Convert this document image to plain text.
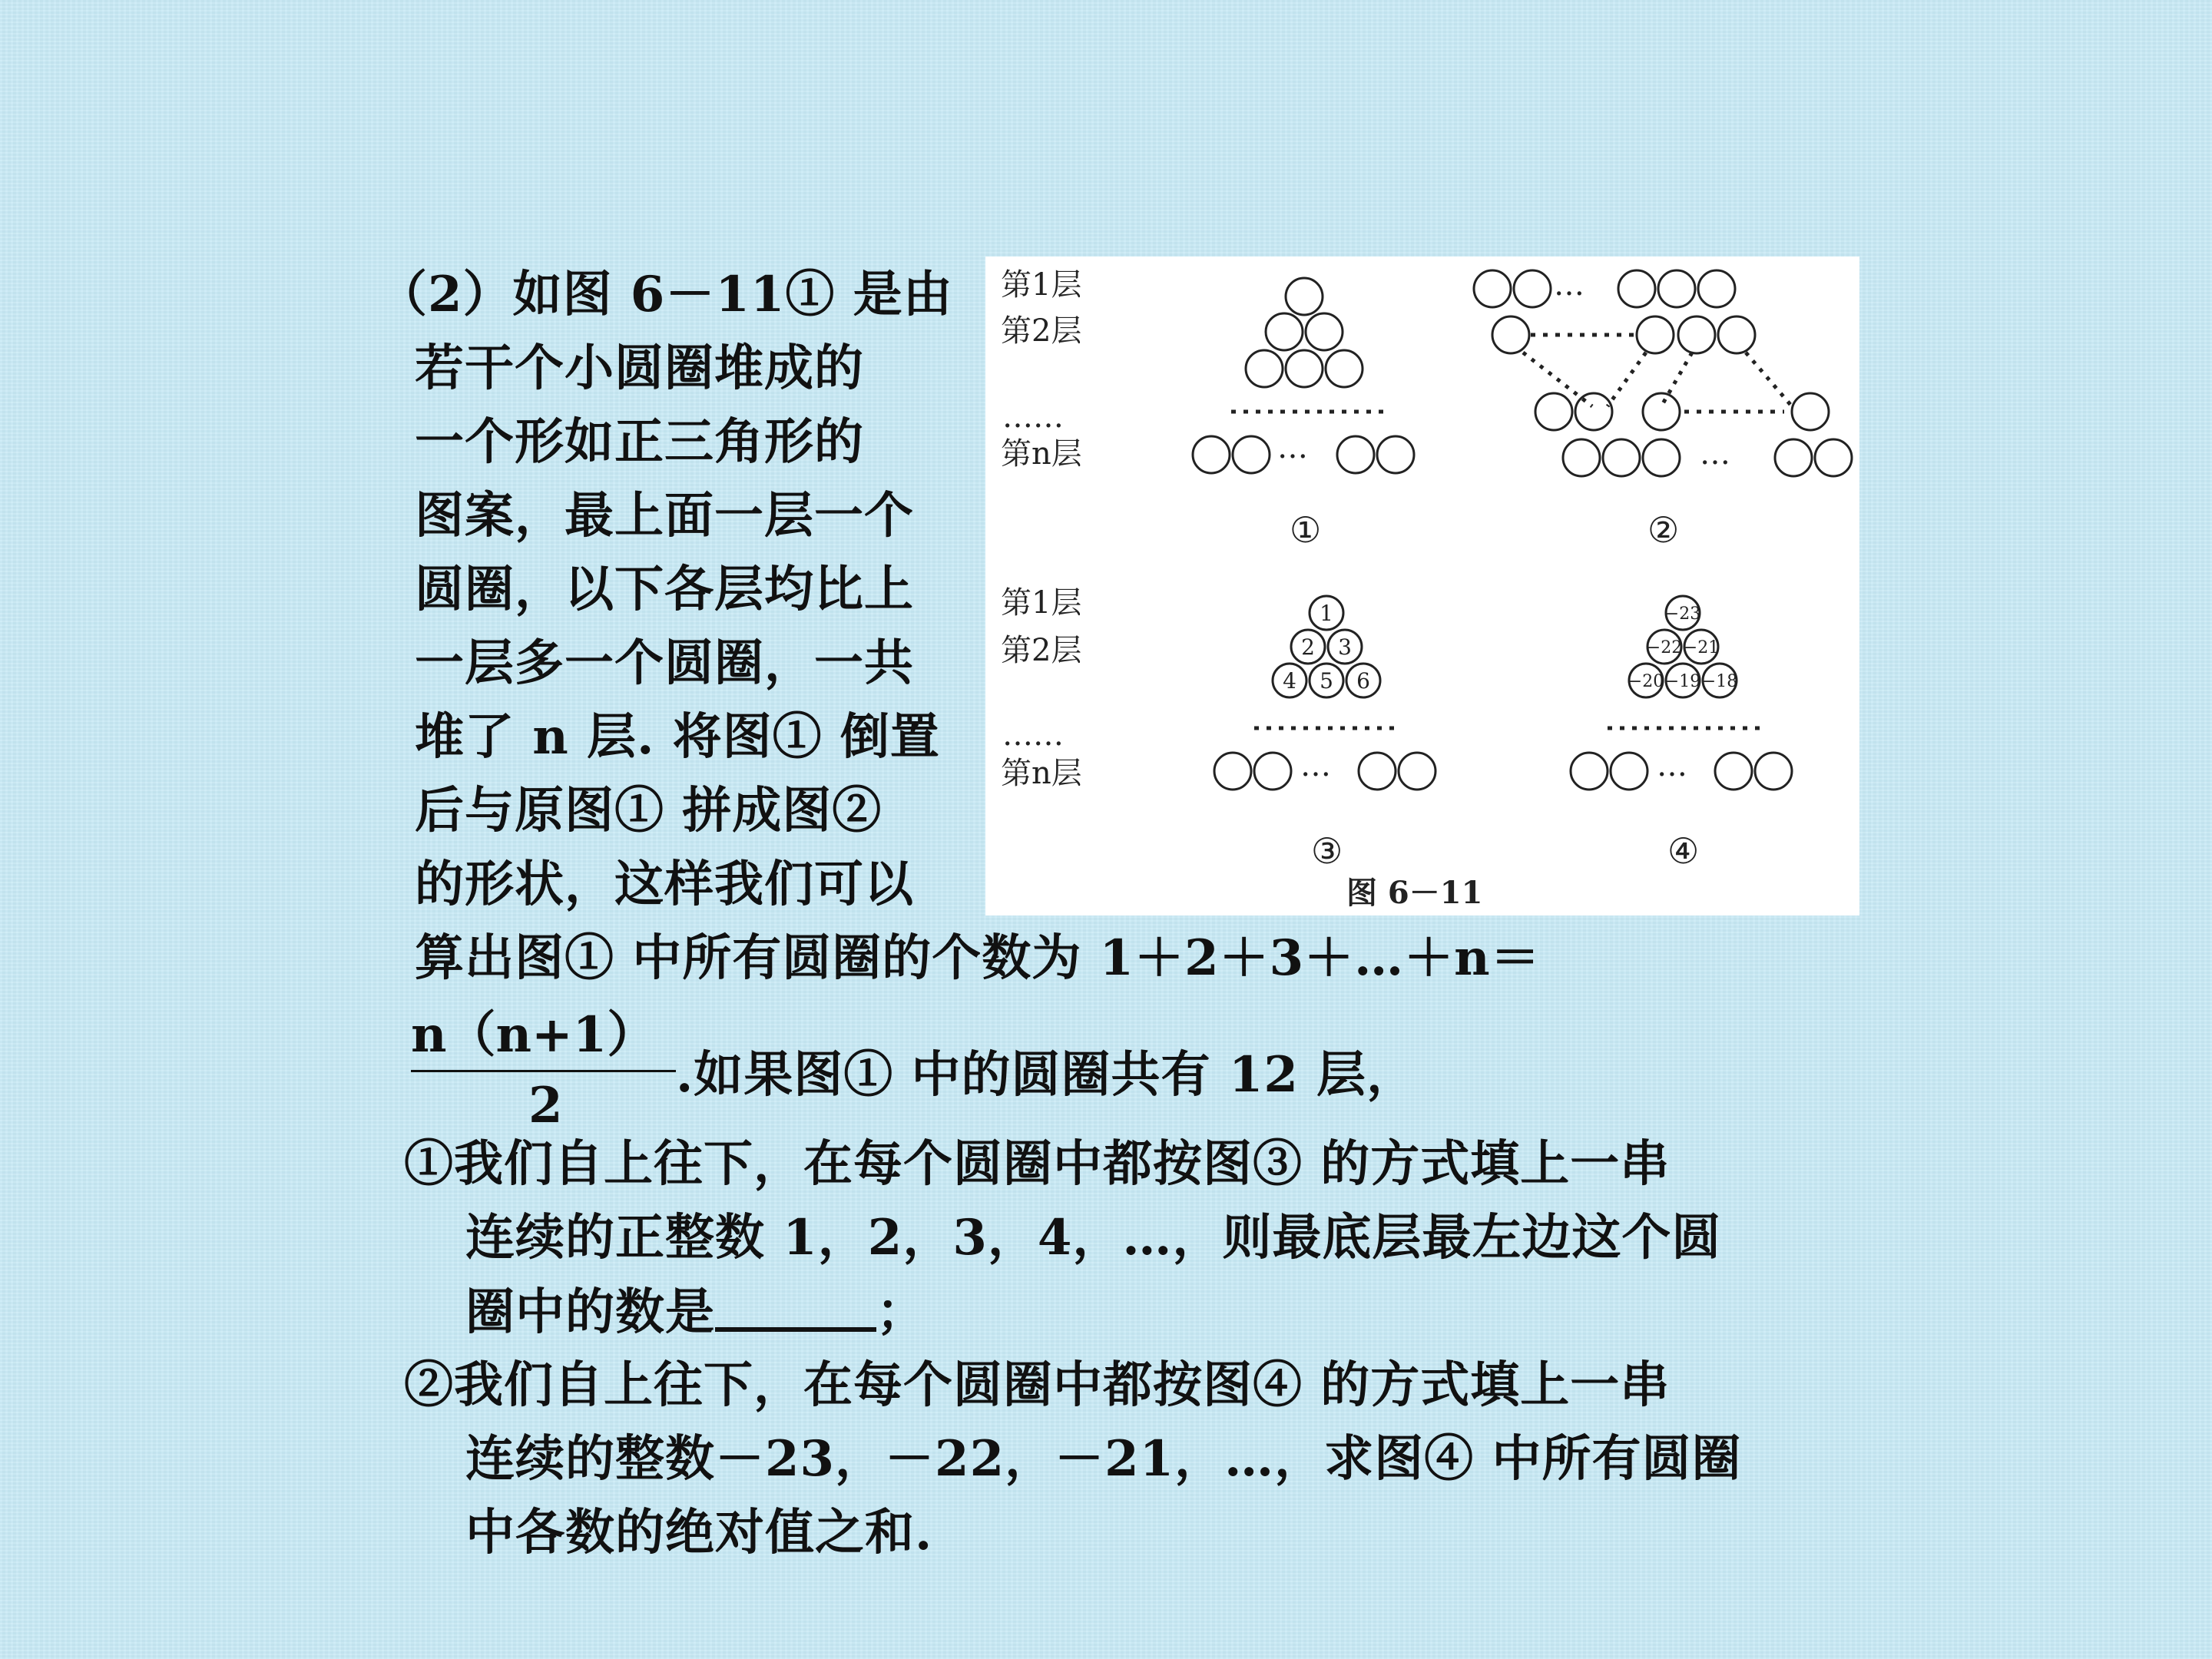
（2）如图 6－11① 是由
若干个小圆圈堆成的
一个形如正三角形的
图案，最上面一层一个
圆圈，以下各层均比上
一层多一个圆圈，一共
堆了 n 层. 将图① 倒置
后与原图① 拼成图②
的形状，这样我们可以
算出图① 中所有圆圈的个数为 1＋2＋3＋…＋n＝
n（n+1）
2
.如果图① 中的圆圈共有 12 层，
①我们自上往下，在每个圆圈中都按图③ 的方式填上一串
连续的正整数 1，2，3，4，…，则最底层最左边这个圆
圈中的数是	；
②我们自上往下，在每个圆圈中都按图④ 的方式填上一串
连续的整数－23，－22，－21，…，求图④ 中所有圆圈
中各数的绝对值之和.
第1层
第2层
……
第n层	…
①
…
…
②
第1层
第2层
……
第n层
1
2 3
4 5 6
…
③
−23
−22 −21
−20 −19 −18
…
④
图 6－11
